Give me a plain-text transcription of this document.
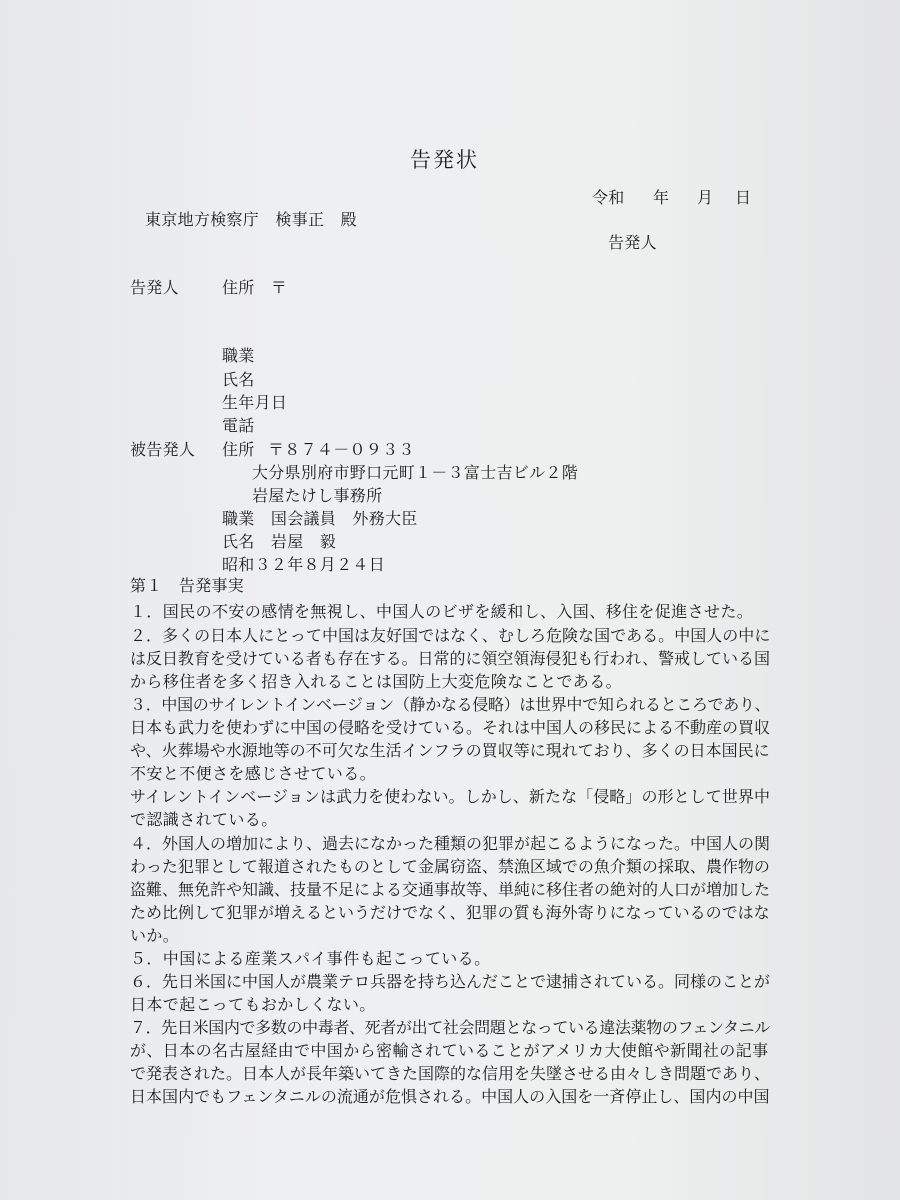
告発状
令和 年 月 日
東京地方検察庁　検事正　殿
告発人
告発人	住所　〒
職業
氏名
生年月日
電話
被告発人 住所 〒８７４－０９３３
大分県別府市野口元町１－３富士吉ビル２階
岩屋たけし事務所
職業　国会議員　外務大臣
氏名　岩屋　毅
昭和３２年８月２４日
第１　告発事実
１．国民の不安の感情を無視し、中国人のビザを緩和し、入国、移住を促進させた。
２．多くの日本人にとって中国は友好国ではなく、むしろ危険な国である。中国人の中に
は反日教育を受けている者も存在する。日常的に領空領海侵犯も行われ、警戒している国
から移住者を多く招き入れることは国防上大変危険なことである。
３．中国のサイレントインベージョン（静かなる侵略）は世界中で知られるところであり、
日本も武力を使わずに中国の侵略を受けている。それは中国人の移民による不動産の買収
や、火葬場や水源地等の不可欠な生活インフラの買収等に現れており、多くの日本国民に
不安と不便さを感じさせている。
サイレントインベージョンは武力を使わない。しかし、新たな「侵略」の形として世界中
で認識されている。
４．外国人の増加により、過去になかった種類の犯罪が起こるようになった。中国人の関
わった犯罪として報道されたものとして金属窃盗、禁漁区域での魚介類の採取、農作物の
盗難、無免許や知識、技量不足による交通事故等、単純に移住者の絶対的人口が増加した
ため比例して犯罪が増えるというだけでなく、犯罪の質も海外寄りになっているのではな
いか。
５．中国による産業スパイ事件も起こっている。
６．先日米国に中国人が農業テロ兵器を持ち込んだことで逮捕されている。同様のことが
日本で起こってもおかしくない。
７．先日米国内で多数の中毒者、死者が出て社会問題となっている違法薬物のフェンタニル
が、日本の名古屋経由で中国から密輸されていることがアメリカ大使館や新聞社の記事
で発表された。日本人が長年築いてきた国際的な信用を失墜させる由々しき問題であり、
日本国内でもフェンタニルの流通が危惧される。中国人の入国を一斉停止し、国内の中国
